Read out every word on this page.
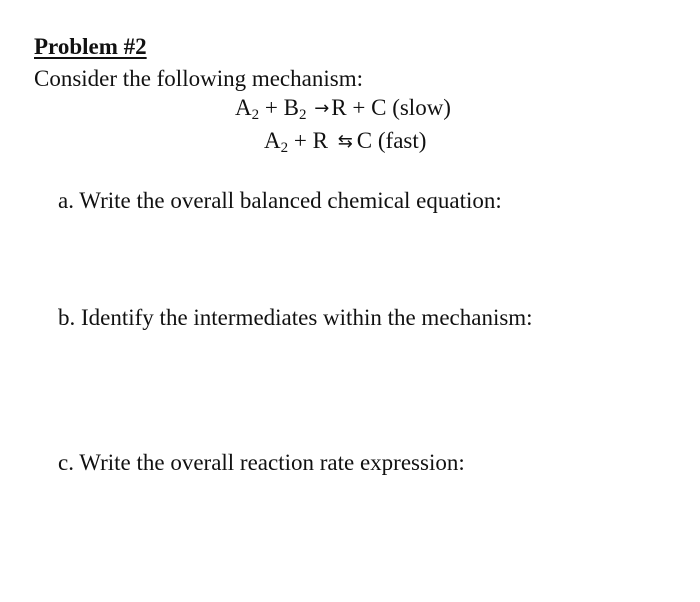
Problem #2
Consider the following mechanism:
$A_2 + B_2 \to R + C$ (slow)
$A_2 + R$ ⇆ C (fast)
a. Write the overall balanced chemical equation:
b. Identify the intermediates within the mechanism:
c. Write the overall reaction rate expression:
